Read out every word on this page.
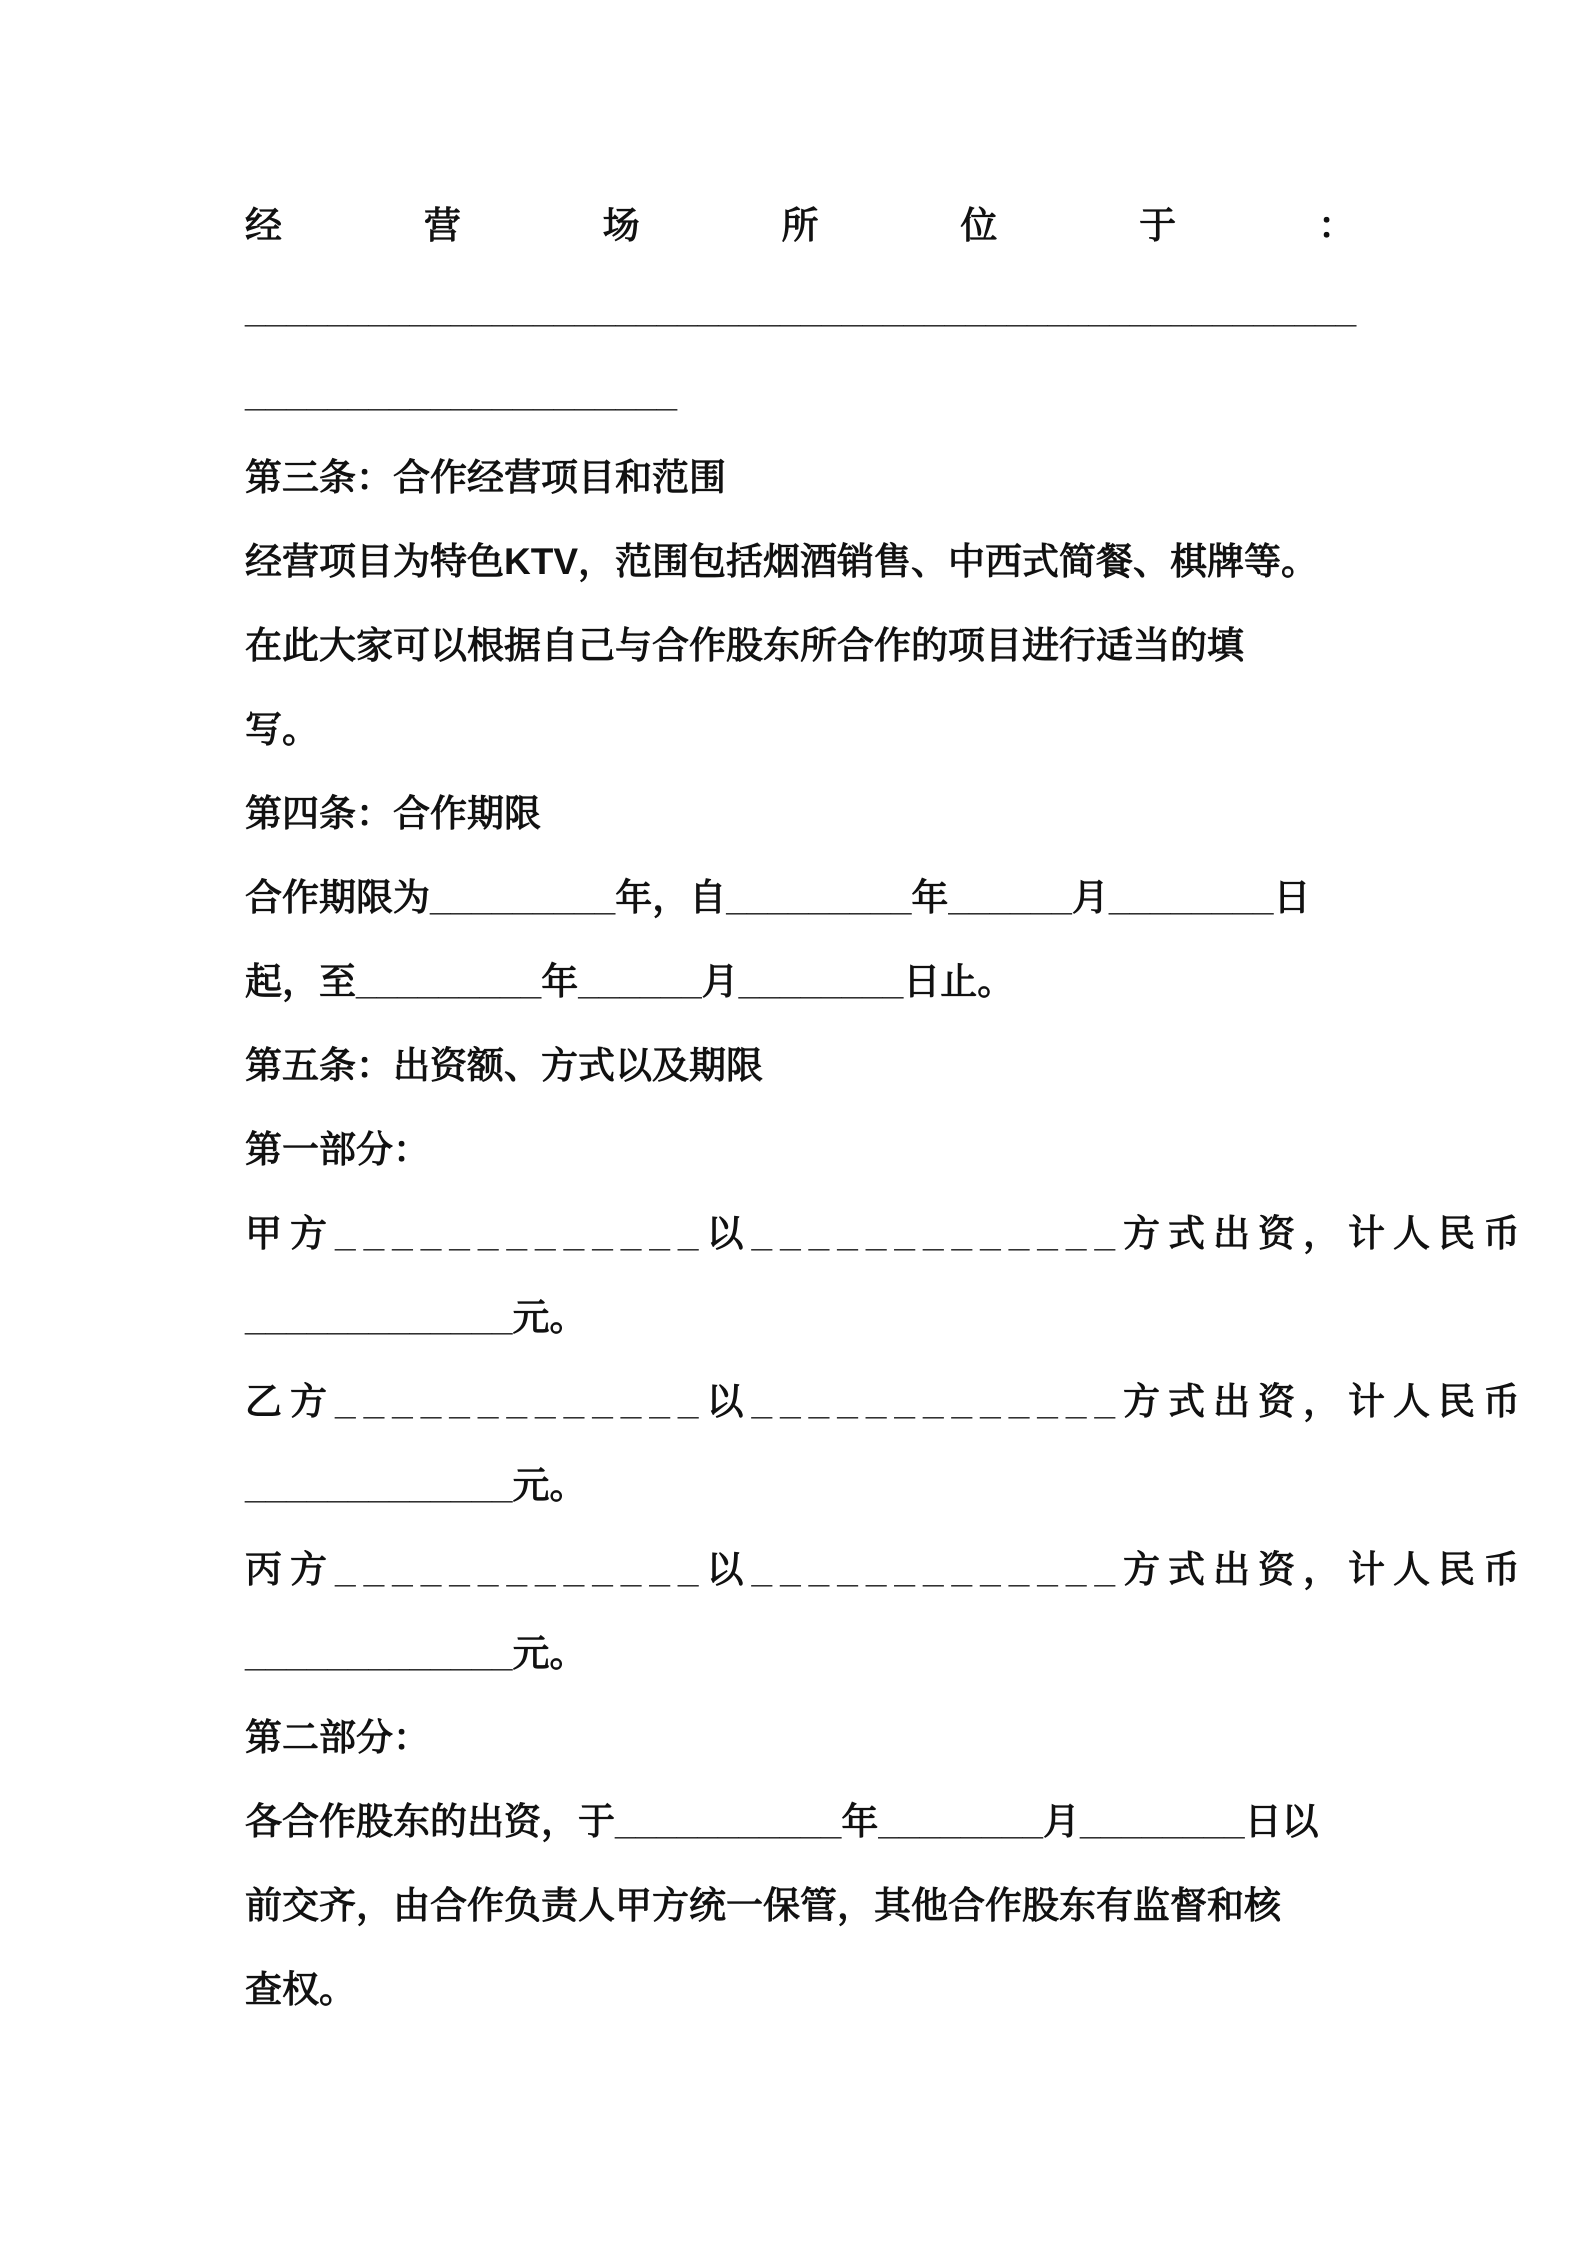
经 营 场 所 位 于 ：
______________________________________________________
_____________________
第三条：合作经营项目和范围
经营项目为特色KTV，范围包括烟酒销售、中西式简餐、棋牌等。
在此大家可以根据自己与合作股东所合作的项目进行适当的填
写。
第四条：合作期限
合作期限为_________年，自_________年______月________日
起，至_________年______月________日止。
第五条：出资额、方式以及期限
第一部分：
甲方_____________以_____________方式出资，计人民币
_____________元。
乙方_____________以_____________方式出资，计人民币
_____________元。
丙方_____________以_____________方式出资，计人民币
_____________元。
第二部分：
各合作股东的出资，于___________年________月________日以
前交齐，由合作负责人甲方统一保管，其他合作股东有监督和核
查权。
